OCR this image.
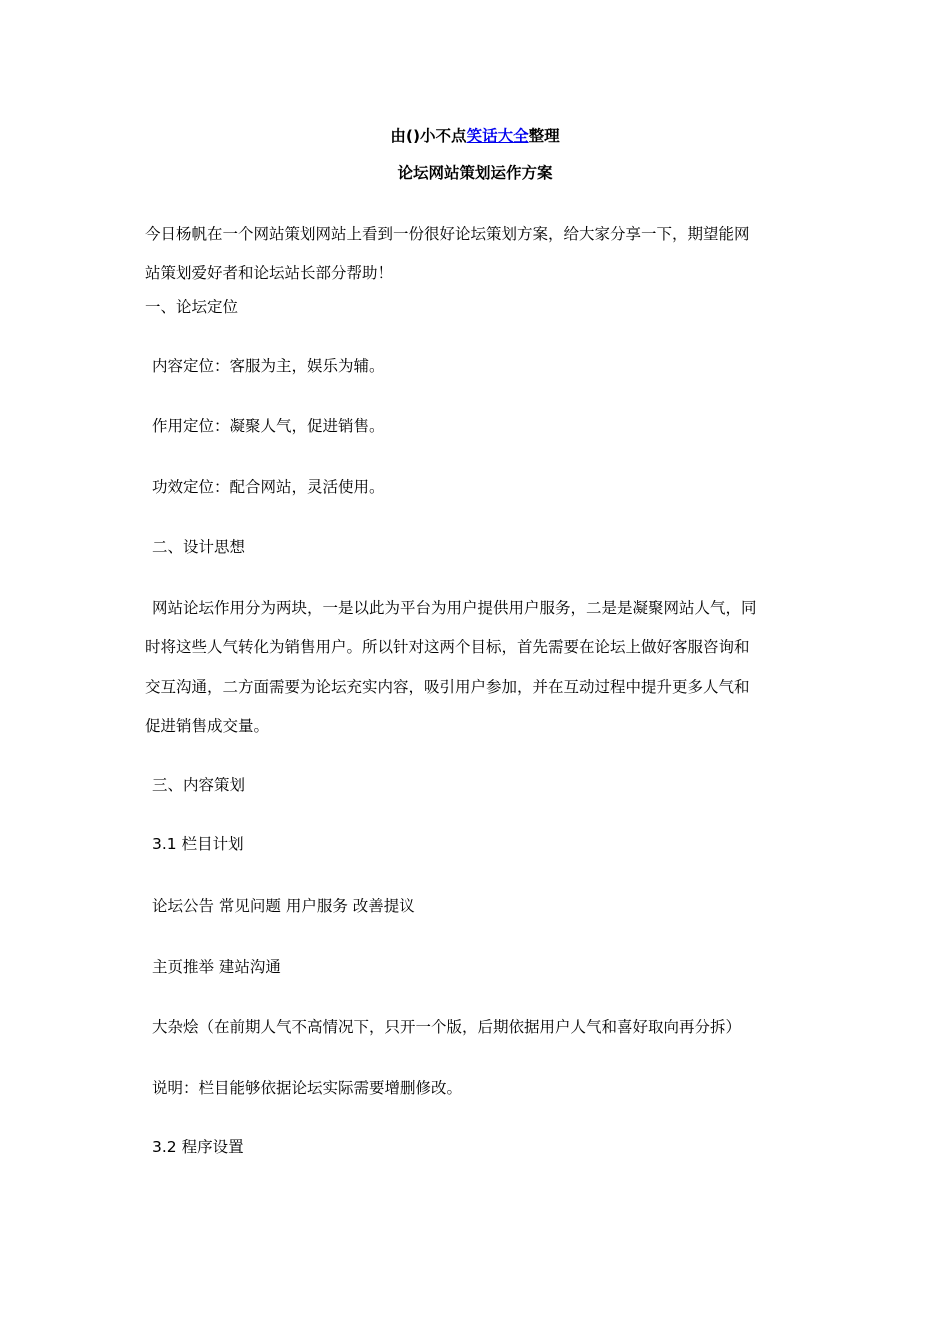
由()小不点笑话大全整理
论坛网站策划运作方案
今日杨帆在一个网站策划网站上看到一份很好论坛策划方案，给大家分享一下，期望能网
站策划爱好者和论坛站长部分帮助！
一、论坛定位
内容定位：客服为主，娱乐为辅。
作用定位：凝聚人气，促进销售。
功效定位：配合网站，灵活使用。
二、设计思想
网站论坛作用分为两块，一是以此为平台为用户提供用户服务，二是是凝聚网站人气，同
时将这些人气转化为销售用户。所以针对这两个目标，首先需要在论坛上做好客服咨询和
交互沟通，二方面需要为论坛充实内容，吸引用户参加，并在互动过程中提升更多人气和
促进销售成交量。
三、内容策划
3.1 栏目计划
论坛公告 常见问题 用户服务 改善提议
主页推举 建站沟通
大杂烩（在前期人气不高情况下，只开一个版，后期依据用户人气和喜好取向再分拆）
说明：栏目能够依据论坛实际需要增删修改。
3.2 程序设置
